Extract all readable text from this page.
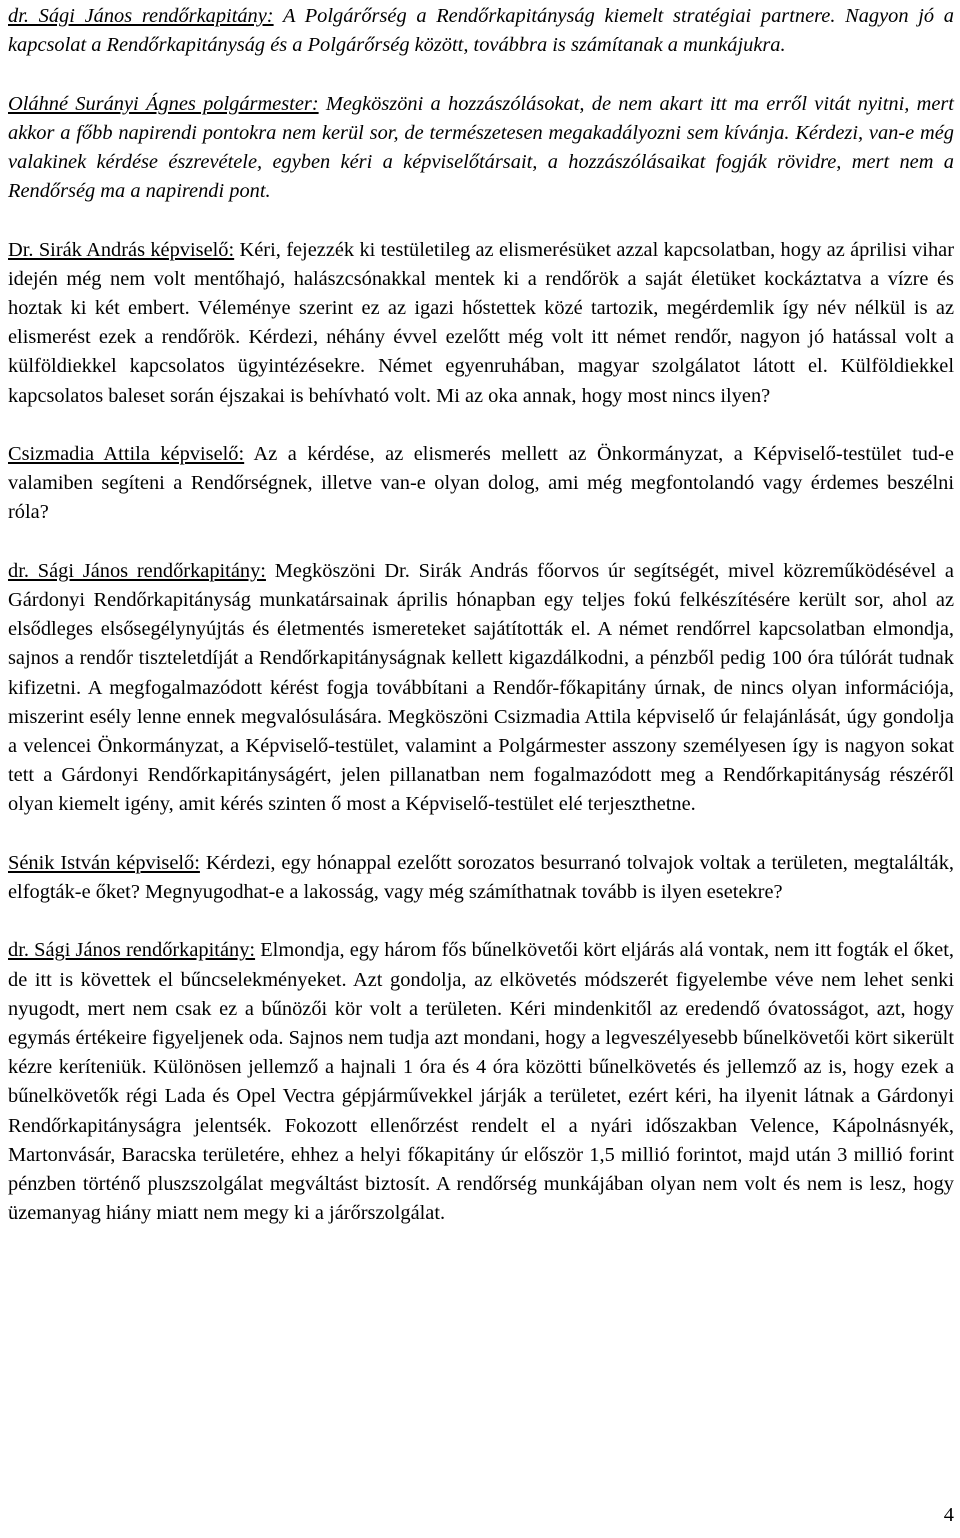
dr. Sági János rendőrkapitány: A Polgárőrség a Rendőrkapitányság kiemelt stratégiai partnere. Nagyon jó a kapcsolat a Rendőrkapitányság és a Polgárőrség között, továbbra is számítanak a munkájukra.

Oláhné Surányi Ágnes polgármester: Megköszöni a hozzászólásokat, de nem akart itt ma erről vitát nyitni, mert akkor a főbb napirendi pontokra nem kerül sor, de természetesen megakadályozni sem kívánja. Kérdezi, van-e még valakinek kérdése észrevétele, egyben kéri a képviselőtársait, a hozzászólásaikat fogják rövidre, mert nem a Rendőrség ma a napirendi pont.

Dr. Sirák András képviselő: Kéri, fejezzék ki testületileg az elismerésüket azzal kapcsolatban, hogy az áprilisi vihar idején még nem volt mentőhajó, halászcsónakkal mentek ki a rendőrök a saját életüket kockáztatva a vízre és hoztak ki két embert. Véleménye szerint ez az igazi hőstettek közé tartozik, megérdemlik így név nélkül is az elismerést ezek a rendőrök. Kérdezi, néhány évvel ezelőtt még volt itt német rendőr, nagyon jó hatással volt a külföldiekkel kapcsolatos ügyintézésekre. Német egyenruhában, magyar szolgálatot látott el. Külföldiekkel kapcsolatos baleset során éjszakai is behívható volt. Mi az oka annak, hogy most nincs ilyen?

Csizmadia Attila képviselő: Az a kérdése, az elismerés mellett az Önkormányzat, a Képviselő-testület tud-e valamiben segíteni a Rendőrségnek, illetve van-e olyan dolog, ami még megfontolandó vagy érdemes beszélni róla?

dr. Sági János rendőrkapitány: Megköszöni Dr. Sirák András főorvos úr segítségét, mivel közreműködésével a Gárdonyi Rendőrkapitányság munkatársainak április hónapban egy teljes fokú felkészítésére került sor, ahol az elsődleges elsősegélynyújtás és életmentés ismereteket sajátították el. A német rendőrrel kapcsolatban elmondja, sajnos a rendőr tiszteletdíját a Rendőrkapitányságnak kellett kigazdálkodni, a pénzből pedig 100 óra túlórát tudnak kifizetni. A megfogalmazódott kérést fogja továbbítani a Rendőr-főkapitány úrnak, de nincs olyan információja, miszerint esély lenne ennek megvalósulására. Megköszöni Csizmadia Attila képviselő úr felajánlását, úgy gondolja a velencei Önkormányzat, a Képviselő-testület, valamint a Polgármester asszony személyesen így is nagyon sokat tett a Gárdonyi Rendőrkapitányságért, jelen pillanatban nem fogalmazódott meg a Rendőrkapitányság részéről olyan kiemelt igény, amit kérés szinten ő most a Képviselő-testület elé terjeszthetne.

Sénik István képviselő: Kérdezi, egy hónappal ezelőtt sorozatos besurranó tolvajok voltak a területen, megtalálták, elfogták-e őket? Megnyugodhat-e a lakosság, vagy még számíthatnak tovább is ilyen esetekre?

dr. Sági János rendőrkapitány: Elmondja, egy három fős bűnelkövetői kört eljárás alá vontak, nem itt fogták el őket, de itt is követtek el bűncselekményeket. Azt gondolja, az elkövetés módszerét figyelembe véve nem lehet senki nyugodt, mert nem csak ez a bűnözői kör volt a területen. Kéri mindenkitől az eredendő óvatosságot, azt, hogy egymás értékeire figyeljenek oda. Sajnos nem tudja azt mondani, hogy a legveszélyesebb bűnelkövetői kört sikerült kézre keríteniük. Különösen jellemző a hajnali 1 óra és 4 óra közötti bűnelkövetés és jellemző az is, hogy ezek a bűnelkövetők régi Lada és Opel Vectra gépjárművekkel járják a területet, ezért kéri, ha ilyenit látnak a Gárdonyi Rendőrkapitányságra jelentsék. Fokozott ellenőrzést rendelt el a nyári időszakban Velence, Kápolnásnyék, Martonvásár, Baracska területére, ehhez a helyi főkapitány úr először 1,5 millió forintot, majd után 3 millió forint pénzben történő pluszszolgálat megváltást biztosít. A rendőrség munkájában olyan nem volt és nem is lesz, hogy üzemanyag hiány miatt nem megy ki a járőrszolgálat.

4
